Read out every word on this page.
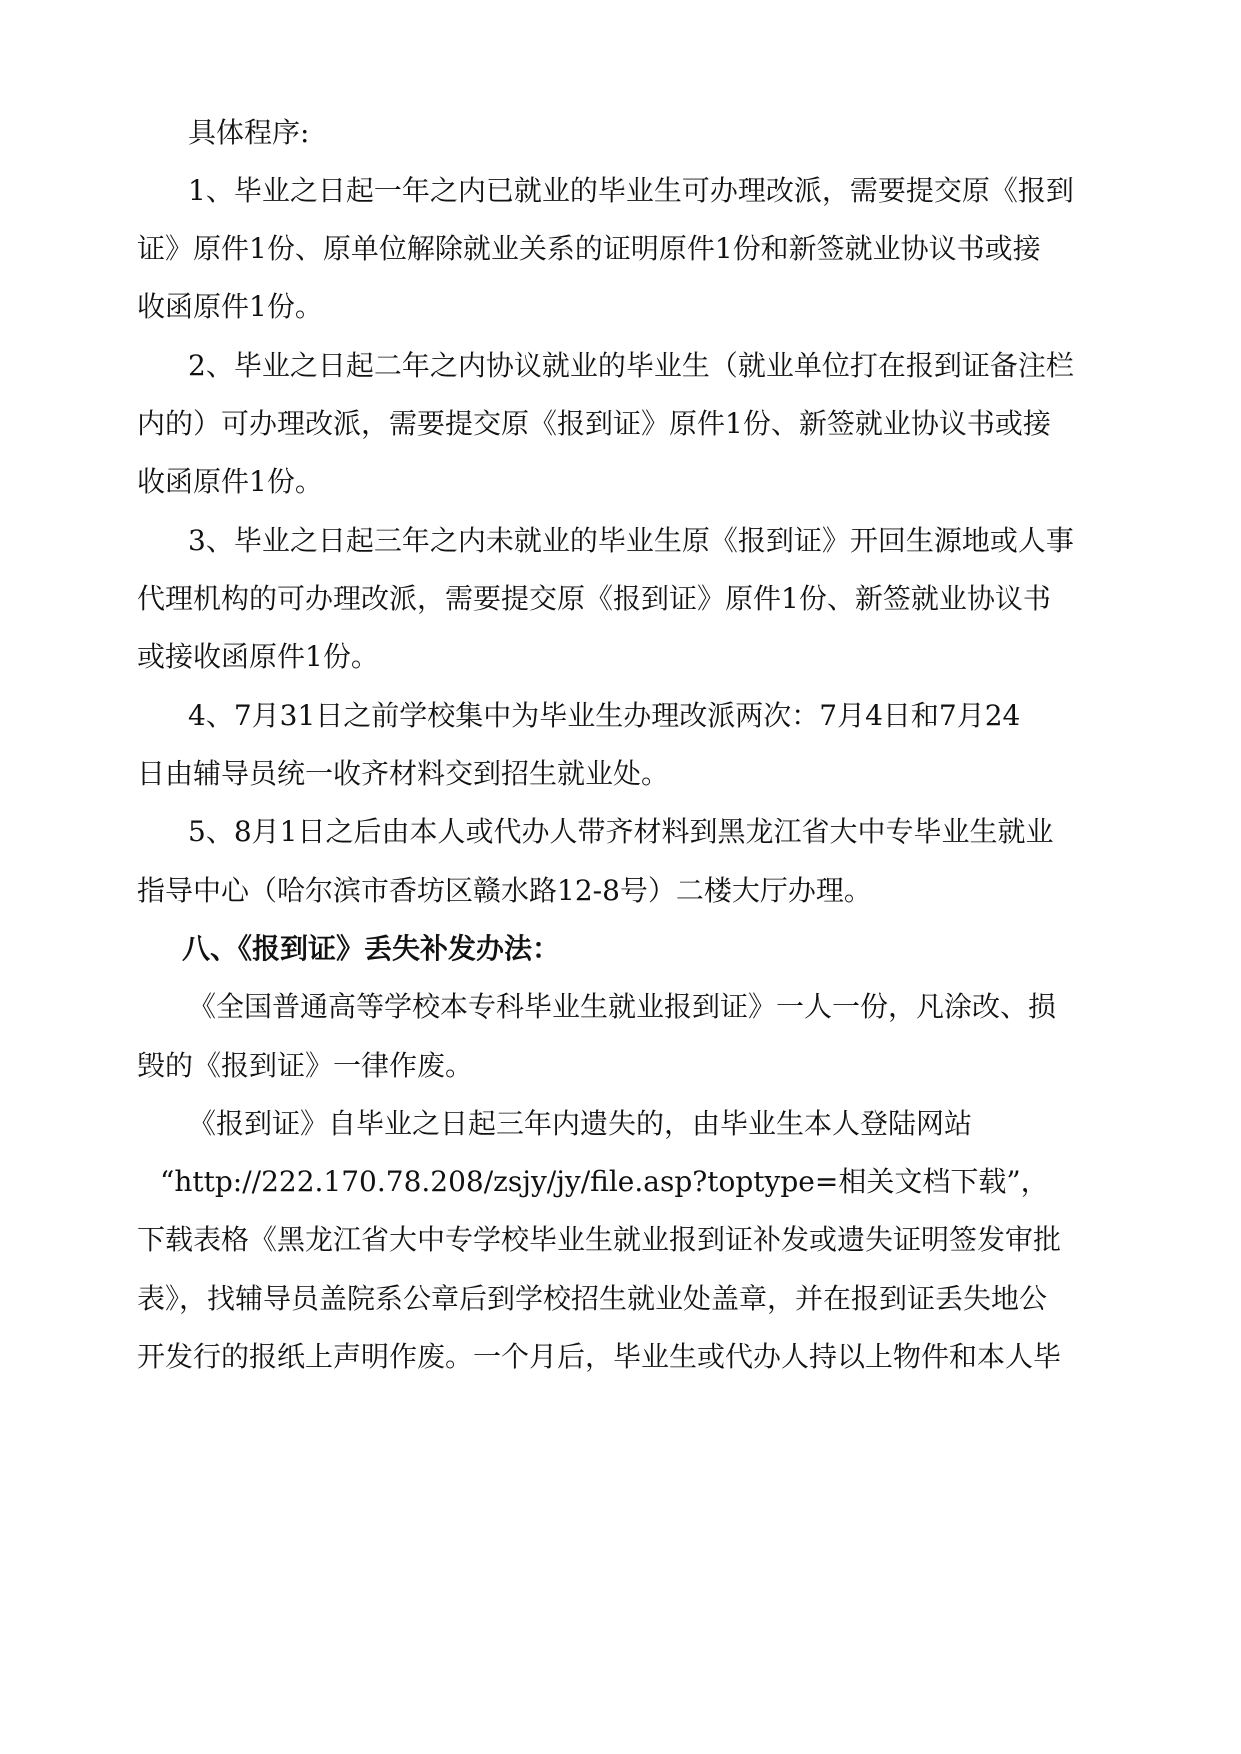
具体程序:
1、毕业之日起一年之内已就业的毕业生可办理改派，需要提交原《报到
证》原件1份、原单位解除就业关系的证明原件1份和新签就业协议书或接
收函原件1份。
2、毕业之日起二年之内协议就业的毕业生（就业单位打在报到证备注栏
内的）可办理改派，需要提交原《报到证》原件1份、新签就业协议书或接
收函原件1份。
3、毕业之日起三年之内未就业的毕业生原《报到证》开回生源地或人事
代理机构的可办理改派，需要提交原《报到证》原件1份、新签就业协议书
或接收函原件1份。
4、7月31日之前学校集中为毕业生办理改派两次：7月4日和7月24
日由辅导员统一收齐材料交到招生就业处。
5、8月1日之后由本人或代办人带齐材料到黑龙江省大中专毕业生就业
指导中心（哈尔滨市香坊区赣水路12-8号）二楼大厅办理。
八、《报到证》丢失补发办法：
《全国普通高等学校本专科毕业生就业报到证》一人一份，凡涂改、损
毁的《报到证》一律作废。
《报到证》自毕业之日起三年内遗失的，由毕业生本人登陆网站
“http://222.170.78.208/zsjy/jy/file.asp?toptype=相关文档下载”，
下载表格《黑龙江省大中专学校毕业生就业报到证补发或遗失证明签发审批
表》，找辅导员盖院系公章后到学校招生就业处盖章，并在报到证丢失地公
开发行的报纸上声明作废。一个月后，毕业生或代办人持以上物件和本人毕
